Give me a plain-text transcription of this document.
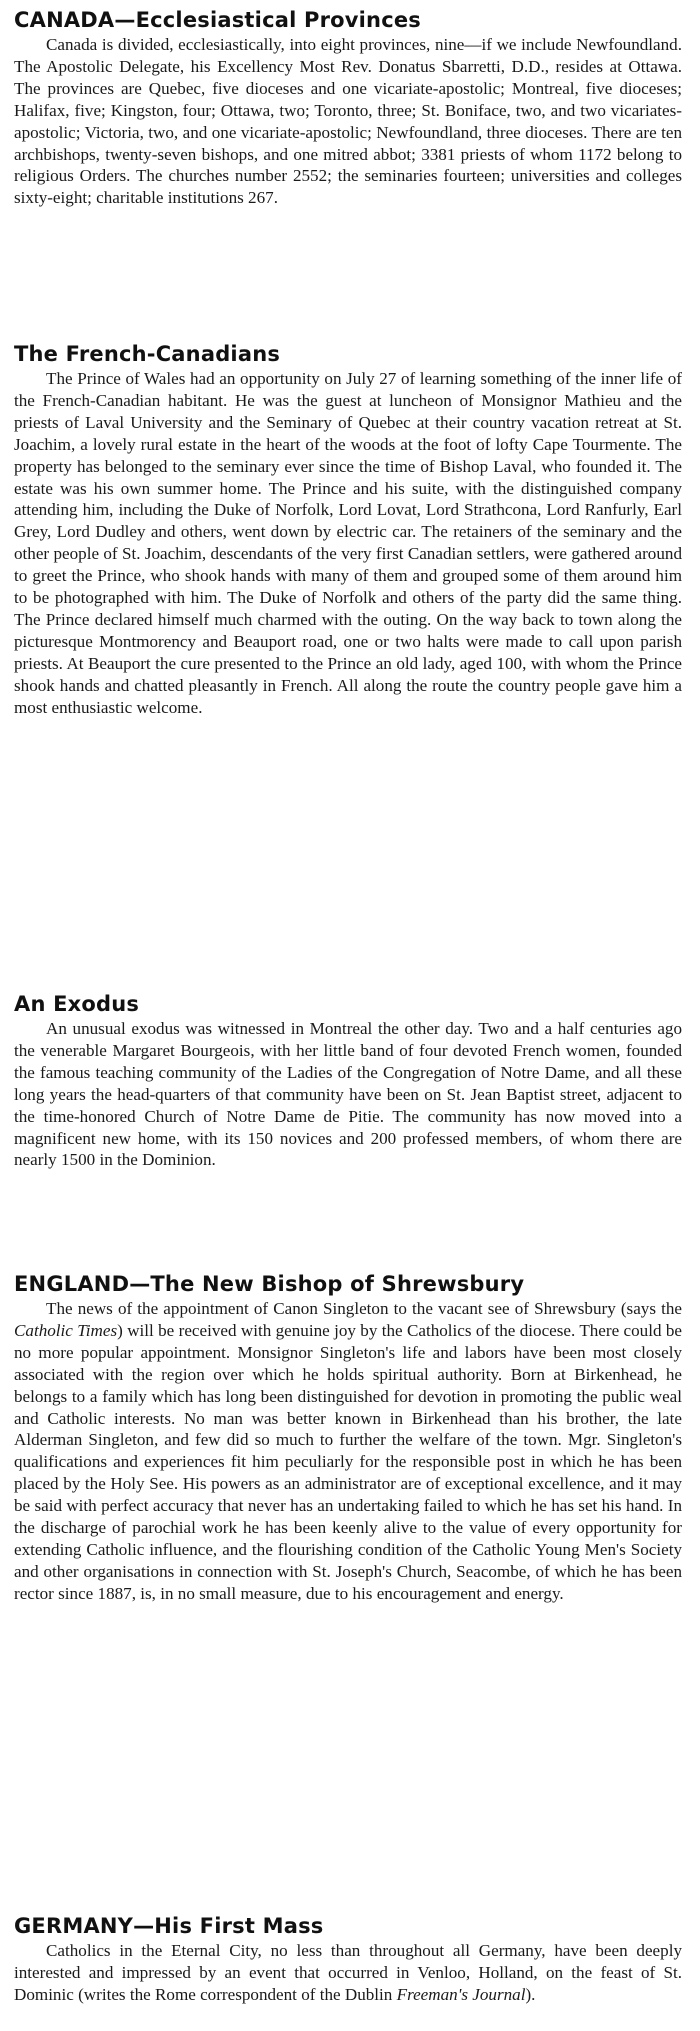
CANADA—Ecclesiastical Provinces

Canada is divided, ecclesiastically, into eight provinces, nine—if we include Newfoundland. The Apostolic Delegate, his Excellency Most Rev. Donatus Sbarretti, D.D., resides at Ottawa. The provinces are Quebec, five dioceses and one vicariate-apostolic; Montreal, five dioceses; Halifax, five; Kingston, four; Ottawa, two; Toronto, three; St. Boniface, two, and two vicariates-apostolic; Victoria, two, and one vicariate-apostolic; Newfoundland, three dioceses. There are ten archbishops, twenty-seven bishops, and one mitred abbot; 3381 priests of whom 1172 belong to religious Orders. The churches number 2552; the seminaries fourteen; universities and colleges sixty-eight; charitable institutions 267.

The French-Canadians

The Prince of Wales had an opportunity on July 27 of learning something of the inner life of the French-Canadian habitant. He was the guest at luncheon of Monsignor Mathieu and the priests of Laval University and the Seminary of Quebec at their country vacation retreat at St. Joachim, a lovely rural estate in the heart of the woods at the foot of lofty Cape Tourmente. The property has belonged to the seminary ever since the time of Bishop Laval, who founded it. The estate was his own summer home. The Prince and his suite, with the distinguished company attending him, including the Duke of Norfolk, Lord Lovat, Lord Strathcona, Lord Ranfurly, Earl Grey, Lord Dudley and others, went down by electric car. The retainers of the seminary and the other people of St. Joachim, descendants of the very first Canadian settlers, were gathered around to greet the Prince, who shook hands with many of them and grouped some of them around him to be photographed with him. The Duke of Norfolk and others of the party did the same thing. The Prince declared himself much charmed with the outing. On the way back to town along the picturesque Montmorency and Beauport road, one or two halts were made to call upon parish priests. At Beauport the cure presented to the Prince an old lady, aged 100, with whom the Prince shook hands and chatted pleasantly in French. All along the route the country people gave him a most enthusiastic welcome.

An Exodus

An unusual exodus was witnessed in Montreal the other day. Two and a half centuries ago the venerable Margaret Bourgeois, with her little band of four devoted French women, founded the famous teaching community of the Ladies of the Congregation of Notre Dame, and all these long years the head-quarters of that community have been on St. Jean Baptist street, adjacent to the time-honored Church of Notre Dame de Pitie. The community has now moved into a magnificent new home, with its 150 novices and 200 professed members, of whom there are nearly 1500 in the Dominion.

ENGLAND—The New Bishop of Shrewsbury

The news of the appointment of Canon Singleton to the vacant see of Shrewsbury (says the Catholic Times) will be received with genuine joy by the Catholics of the diocese. There could be no more popular appointment. Monsignor Singleton's life and labors have been most closely associated with the region over which he holds spiritual authority. Born at Birkenhead, he belongs to a family which has long been distinguished for devotion in promoting the public weal and Catholic interests. No man was better known in Birkenhead than his brother, the late Alderman Singleton, and few did so much to further the welfare of the town. Mgr. Singleton's qualifications and experiences fit him peculiarly for the responsible post in which he has been placed by the Holy See. His powers as an administrator are of exceptional excellence, and it may be said with perfect accuracy that never has an undertaking failed to which he has set his hand. In the discharge of parochial work he has been keenly alive to the value of every opportunity for extending Catholic influence, and the flourishing condition of the Catholic Young Men's Society and other organisations in connection with St. Joseph's Church, Seacombe, of which he has been rector since 1887, is, in no small measure, due to his encouragement and energy.

GERMANY—His First Mass

Catholics in the Eternal City, no less than throughout all Germany, have been deeply interested and impressed by an event that occurred in Venloo, Holland, on the feast of St. Dominic (writes the Rome correspondent of the Dublin Freeman's Journal).
